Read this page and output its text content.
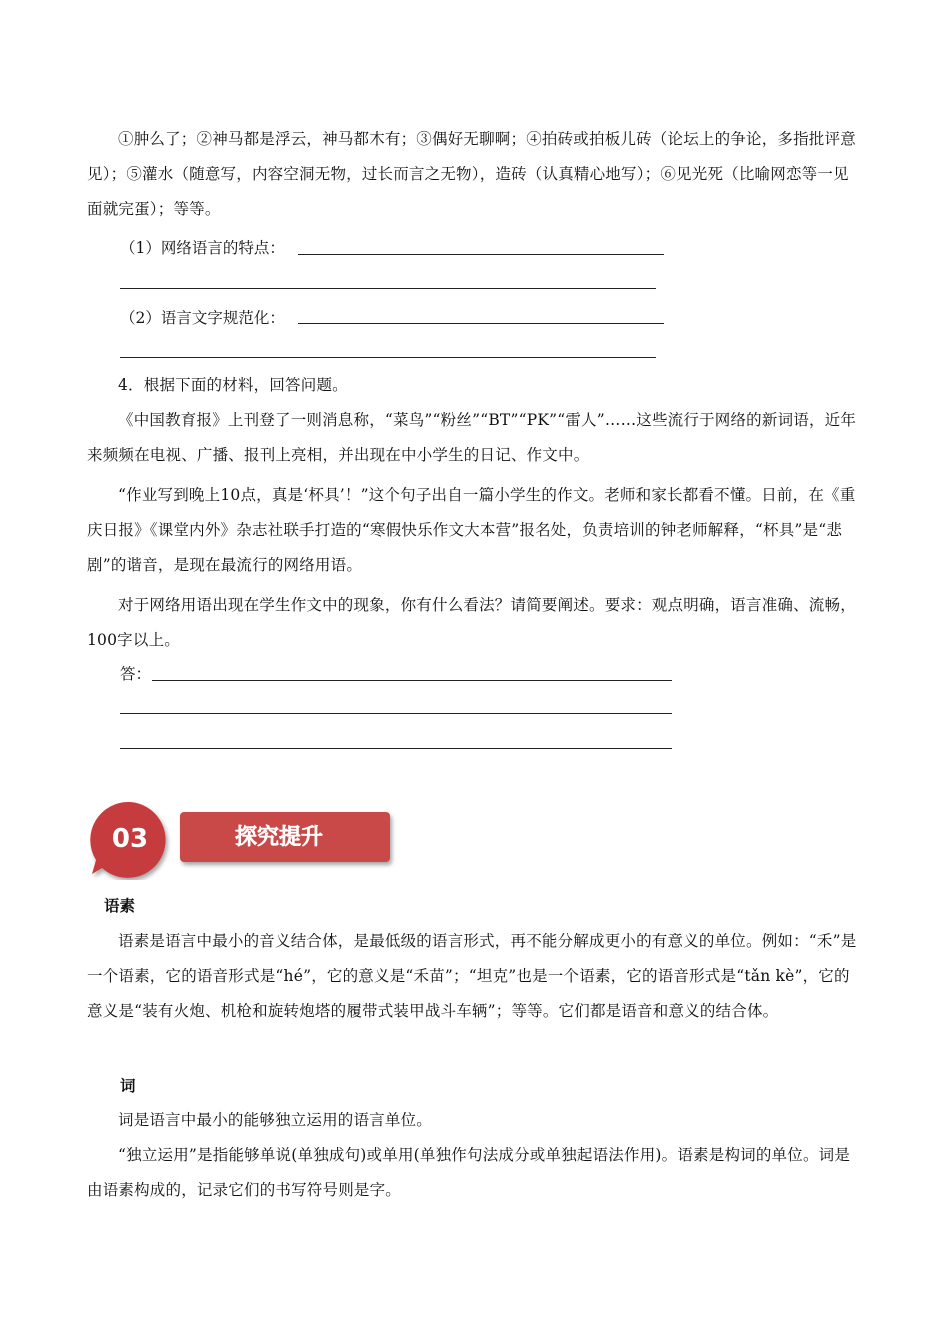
①肿么了；②神马都是浮云，神马都木有；③偶好无聊啊；④拍砖或拍板儿砖（论坛上的争论，多指批评意见）；⑤灌水（随意写，内容空洞无物，过长而言之无物），造砖（认真精心地写）；⑥见光死（比喻网恋等一见面就完蛋）；等等。

（1）网络语言的特点：
（2）语言文字规范化：

4．根据下面的材料，回答问题。

《中国教育报》上刊登了一则消息称，“菜鸟”“粉丝”“BT”“PK”“雷人”……这些流行于网络的新词语，近年来频频在电视、广播、报刊上亮相，并出现在中小学生的日记、作文中。

“作业写到晚上10点，真是‘杯具’！”这个句子出自一篇小学生的作文。老师和家长都看不懂。日前，在《重庆日报》《课堂内外》杂志社联手打造的“寒假快乐作文大本营”报名处，负责培训的钟老师解释，“杯具”是“悲剧”的谐音，是现在最流行的网络用语。

对于网络用语出现在学生作文中的现象，你有什么看法？请简要阐述。要求：观点明确，语言准确、流畅，100字以上。

答：
03	探究提升
语素

语素是语言中最小的音义结合体，是最低级的语言形式，再不能分解成更小的有意义的单位。例如：“禾”是一个语素，它的语音形式是“hé”，它的意义是“禾苗”；“坦克”也是一个语素，它的语音形式是“tǎn kè”，它的意义是“装有火炮、机枪和旋转炮塔的履带式装甲战斗车辆”；等等。它们都是语音和意义的结合体。

词

词是语言中最小的能够独立运用的语言单位。

“独立运用”是指能够单说(单独成句)或单用(单独作句法成分或单独起语法作用)。语素是构词的单位。词是由语素构成的，记录它们的书写符号则是字。
